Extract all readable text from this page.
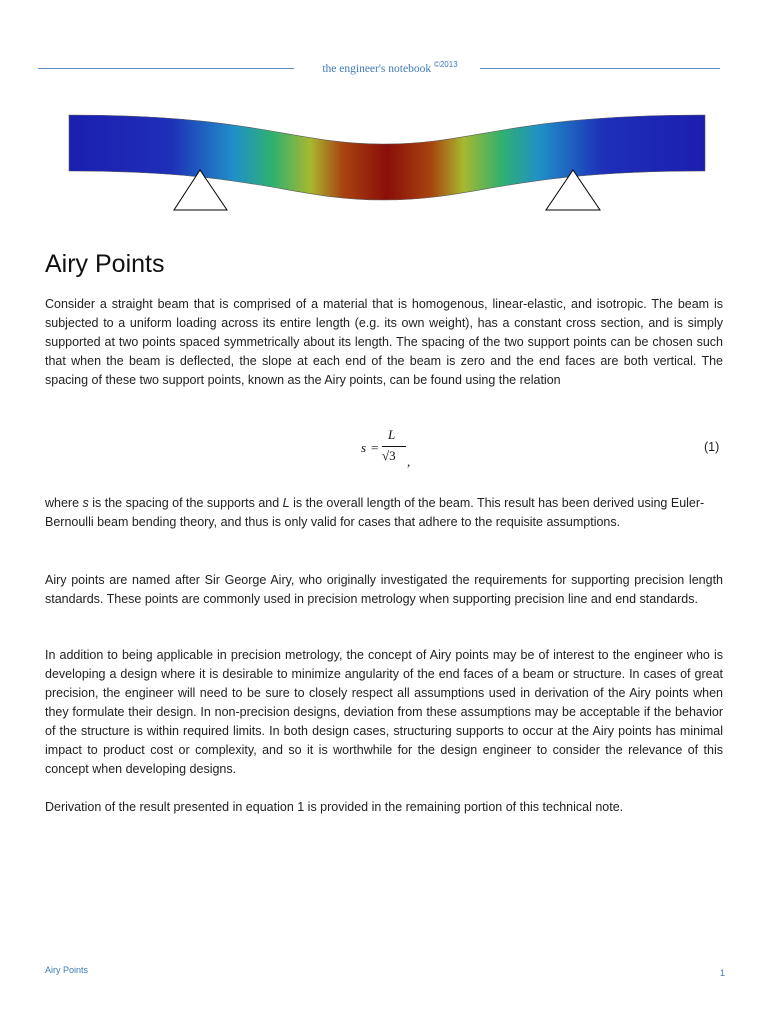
the engineer's notebook $^{©2013}$
Airy Points

Consider a straight beam that is comprised of a material that is homogenous, linear-elastic, and isotropic. The beam is subjected to a uniform loading across its entire length (e.g. its own weight), has a constant cross section, and is simply supported at two points spaced symmetrically about its length. The spacing of the two support points can be chosen such that when the beam is deflected, the slope at each end of the beam is zero and the end faces are both vertical. The spacing of these two support points, known as the Airy points, can be found using the relation

s =
L
√3 ,
(1)

where s is the spacing of the supports and L is the overall length of the beam. This result has been derived using Euler-Bernoulli beam bending theory, and thus is only valid for cases that adhere to the requisite assumptions.

Airy points are named after Sir George Airy, who originally investigated the requirements for supporting precision length standards. These points are commonly used in precision metrology when supporting precision line and end standards.

In addition to being applicable in precision metrology, the concept of Airy points may be of interest to the engineer who is developing a design where it is desirable to minimize angularity of the end faces of a beam or structure. In cases of great precision, the engineer will need to be sure to closely respect all assumptions used in derivation of the Airy points when they formulate their design. In non-precision designs, deviation from these assumptions may be acceptable if the behavior of the structure is within required limits. In both design cases, structuring supports to occur at the Airy points has minimal impact to product cost or complexity, and so it is worthwhile for the design engineer to consider the relevance of this concept when developing designs.

Derivation of the result presented in equation 1 is provided in the remaining portion of this technical note.

Airy Points	1
